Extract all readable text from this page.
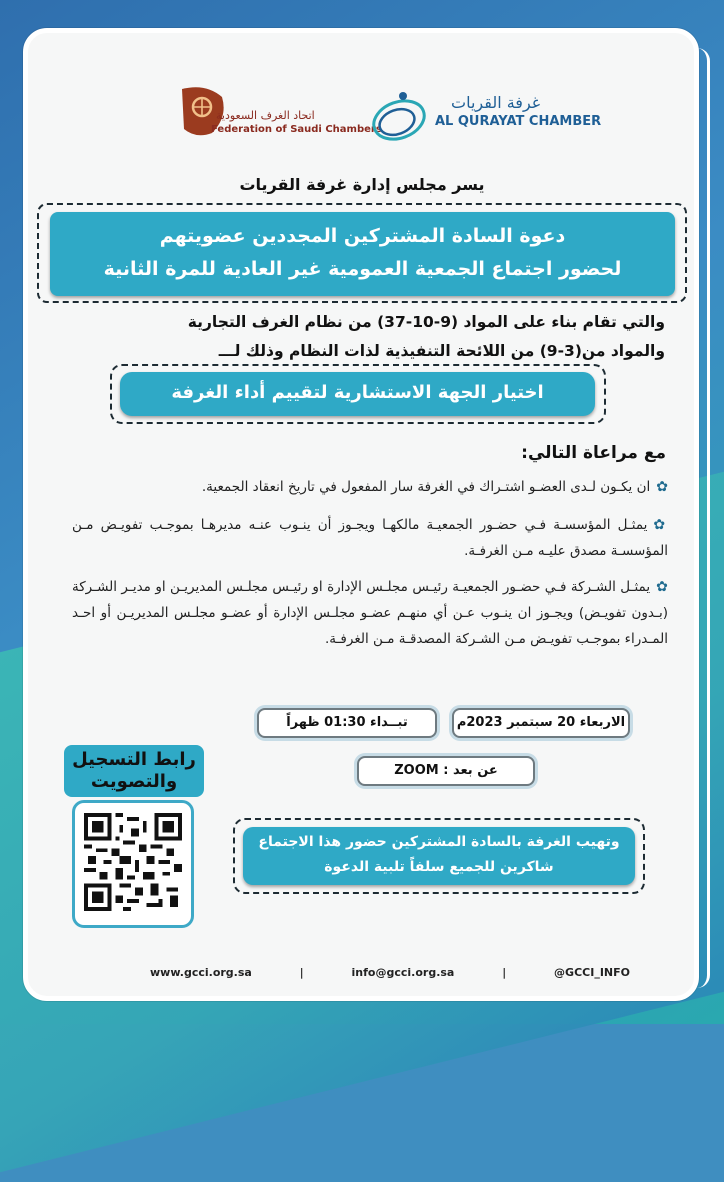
اتحاد الغرف السعودية
Federation of Saudi Chambers
غرفة القريات
AL QURAYAT CHAMBER
يسر مجلس إدارة غرفة القريات
دعوة السادة المشتركين المجددين عضويتهم
لحضور اجتماع الجمعية العمومية غير العادية للمرة الثانية
والتي تقام بناء على المواد (9-10-37) من نظام الغرف التجارية
والمواد من(3-9) من اللائحة التنفيذية لذات النظام وذلك لـــ
اختيار الجهة الاستشارية لتقييم أداء الغرفة
مع مراعاة التالي:
✿ان يكـون لـدى العضـو اشتـراك في الغرفة سار المفعول في تاريخ انعقاد الجمعية.
✿يمثـل المؤسسـة فـي حضـور الجمعيـة مالكهـا ويجـوز أن ينـوب عنـه مديرهـا بموجـب تفويـض مـن المؤسسـة مصدق عليـه مـن الغرفـة.
✿يمثـل الشـركة فـي حضـور الجمعيـة رئيـس مجلـس الإدارة او رئيـس مجلـس المديريـن او مديـر الشـركة (بـدون تفويـض) ويجـوز ان ينـوب عـن أي منهـم عضـو مجلـس الإدارة أو عضـو مجلـس المديريـن أو احـد المـدراء بموجـب تفويـض مـن الشـركة المصدقـة مـن الغرفـة.
الاربعاء 20 سبتمبر 2023م
تبــداء 01:30 ظهراً
عن بعد : ZOOM
رابط التسجيل
والتصويت
وتهيب الغرفة بالسادة المشتركين حضور هذا الاجتماع
شاكرين للجميع سلفاً تلبية الدعوة
www.gcci.org.sa	|	info@gcci.org.sa	|	@GCCI_INFO
